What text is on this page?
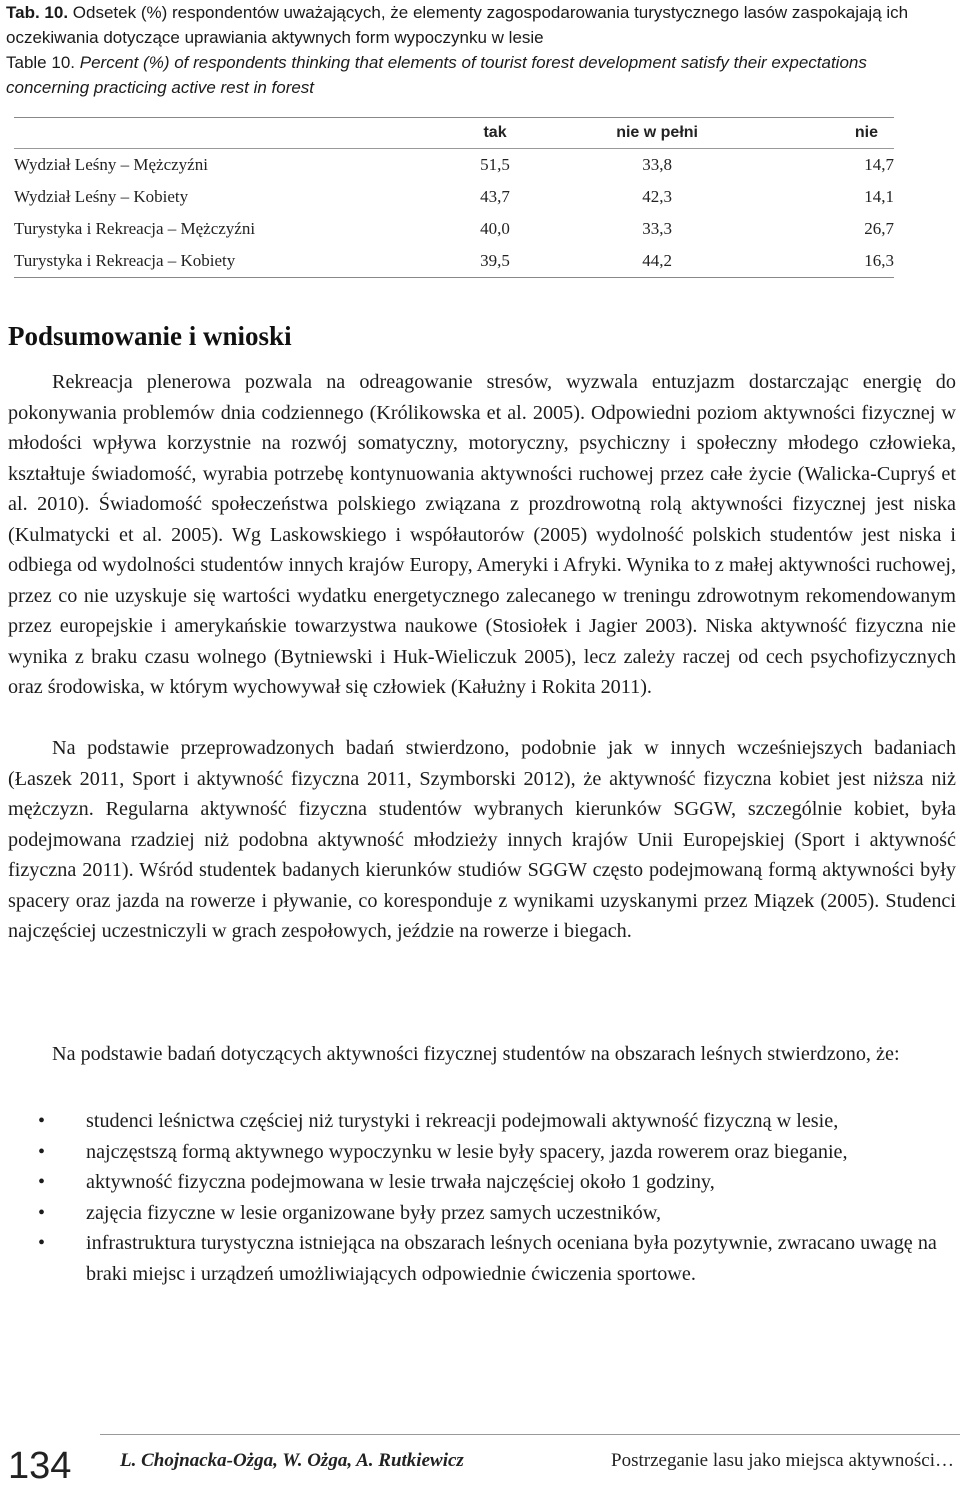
Tab. 10. Odsetek (%) respondentów uważających, że elementy zagospodarowania turystycznego lasów zaspokajają ich oczekiwania dotyczące uprawiania aktywnych form wypoczynku w lesie
Table 10. Percent (%) of respondents thinking that elements of tourist forest development satisfy their expectations concerning practicing active rest in forest
	tak	nie w pełni	nie
Wydział Leśny – Mężczyźni	51,5	33,8	14,7
Wydział Leśny – Kobiety	43,7	42,3	14,1
Turystyka i Rekreacja – Mężczyźni	40,0	33,3	26,7
Turystyka i Rekreacja – Kobiety	39,5	44,2	16,3
Podsumowanie i wnioski

Rekreacja plenerowa pozwala na odreagowanie stresów, wyzwala entuzjazm dostarczając energię do pokonywania problemów dnia codziennego (Królikowska et al. 2005). Odpowiedni poziom aktywności fizycznej w młodości wpływa korzystnie na rozwój somatyczny, motoryczny, psychiczny i społeczny młodego człowieka, kształtuje świadomość, wyrabia potrzebę kontynuowania aktywności ruchowej przez całe życie (Walicka-Cupryś et al. 2010). Świadomość społeczeństwa polskiego związana z prozdrowotną rolą aktywności fizycznej jest niska (Kulmatycki et al. 2005). Wg Laskowskiego i współautorów (2005) wydolność polskich studentów jest niska i odbiega od wydolności studentów innych krajów Europy, Ameryki i Afryki. Wynika to z małej aktywności ruchowej, przez co nie uzyskuje się wartości wydatku energetycznego zalecanego w treningu zdrowotnym rekomendowanym przez europejskie i amerykańskie towarzystwa naukowe (Stosiołek i Jagier 2003). Niska aktywność fizyczna nie wynika z braku czasu wolnego (Bytniewski i Huk-Wieliczuk 2005), lecz zależy raczej od cech psychofizycznych oraz środowiska, w którym wychowywał się człowiek (Kałużny i Rokita 2011).

Na podstawie przeprowadzonych badań stwierdzono, podobnie jak w innych wcześniejszych badaniach (Łaszek 2011, Sport i aktywność fizyczna 2011, Szymborski 2012), że aktywność fizyczna kobiet jest niższa niż mężczyzn. Regularna aktywność fizyczna studentów wybranych kierunków SGGW, szczególnie kobiet, była podejmowana rzadziej niż podobna aktywność młodzieży innych krajów Unii Europejskiej (Sport i aktywność fizyczna 2011). Wśród studentek badanych kierunków studiów SGGW często podejmowaną formą aktywności były spacery oraz jazda na rowerze i pływanie, co koresponduje z wynikami uzyskanymi przez Miązek (2005). Studenci najczęściej uczestniczyli w grach zespołowych, jeździe na rowerze i biegach.

Na podstawie badań dotyczących aktywności fizycznej studentów na obszarach leśnych stwierdzono, że:

• studenci leśnictwa częściej niż turystyki i rekreacji podejmowali aktywność fizyczną w lesie,
• najczęstszą formą aktywnego wypoczynku w lesie były spacery, jazda rowerem oraz bieganie,
• aktywność fizyczna podejmowana w lesie trwała najczęściej około 1 godziny,
• zajęcia fizyczne w lesie organizowane były przez samych uczestników,
• infrastruktura turystyczna istniejąca na obszarach leśnych oceniana była pozytywnie, zwracano uwagę na braki miejsc i urządzeń umożliwiających odpowiednie ćwiczenia sportowe.
134	L. Chojnacka-Ożga, W. Ożga, A. Rutkiewicz	Postrzeganie lasu jako miejsca aktywności…
